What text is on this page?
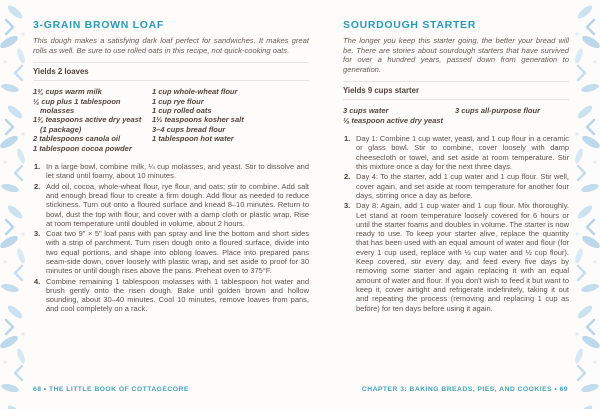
3-GRAIN BROWN LOAF

This dough makes a satisfying dark loaf perfect for sandwiches. It makes great rolls as well. Be sure to use rolled oats in this recipe, not quick-cooking oats.

Yields 2 loaves
1¾ cups warm milk
¼ cup plus 1 tablespoon molasses
1¾ teaspoons active dry yeast (1 package)
2 tablespoons canola oil
1 tablespoon cocoa powder
1 cup whole-wheat flour
1 cup rye flour
1 cup rolled oats
1½ teaspoons kosher salt
3–4 cups bread flour
1 tablespoon hot water
In a large bowl, combine milk, ¼ cup molasses, and yeast. Stir to dissolve and let stand until foamy, about 10 minutes.
Add oil, cocoa, whole-wheat flour, rye flour, and oats; stir to combine. Add salt and enough bread flour to create a firm dough. Add flour as needed to reduce stickiness. Turn out onto a floured surface and knead 8–10 minutes. Return to bowl, dust the top with flour, and cover with a damp cloth or plastic wrap. Rise at room temperature until doubled in volume, about 2 hours.
Coat two 9" × 5" loaf pans with pan spray and line the bottom and short sides with a strip of parchment. Turn risen dough onto a floured surface, divide into two equal portions, and shape into oblong loaves. Place into prepared pans seam-side down, cover loosely with plastic wrap, and set aside to proof for 30 minutes or until dough rises above the pans. Preheat oven to 375°F.
Combine remaining 1 tablespoon molasses with 1 tablespoon hot water and brush gently onto the risen dough. Bake until golden brown and hollow sounding, about 30–40 minutes. Cool 10 minutes, remove loaves from pans, and cool completely on a rack.
SOURDOUGH STARTER

The longer you keep this starter going, the better your bread will be. There are stories about sourdough starters that have survived for over a hundred years, passed down from generation to generation.

Yields 9 cups starter
3 cups water
⅛ teaspoon active dry yeast
3 cups all-purpose flour
Day 1: Combine 1 cup water, yeast, and 1 cup flour in a ceramic or glass bowl. Stir to combine, cover loosely with damp cheesecloth or towel, and set aside at room temperature. Stir this mixture once a day for the next three days.
Day 4: To the starter, add 1 cup water and 1 cup flour. Stir well, cover again, and set aside at room temperature for another four days, stirring once a day as before.
Day 8: Again, add 1 cup water and 1 cup flour. Mix thoroughly. Let stand at room temperature loosely covered for 6 hours or until the starter foams and doubles in volume. The starter is now ready to use. To keep your starter alive, replace the quantity that has been used with an equal amount of water and flour (for every 1 cup used, replace with ½ cup water and ½ cup flour). Keep covered, stir every day, and feed every five days by removing some starter and again replacing it with an equal amount of water and flour. If you don't wish to feed it but want to keep it, cover airtight and refrigerate indefinitely, taking it out and repeating the process (removing and replacing 1 cup as before) for ten days before using it again.
68 • THE LITTLE BOOK OF COTTAGECORE	CHAPTER 3: BAKING BREADS, PIES, AND COOKIES • 69
